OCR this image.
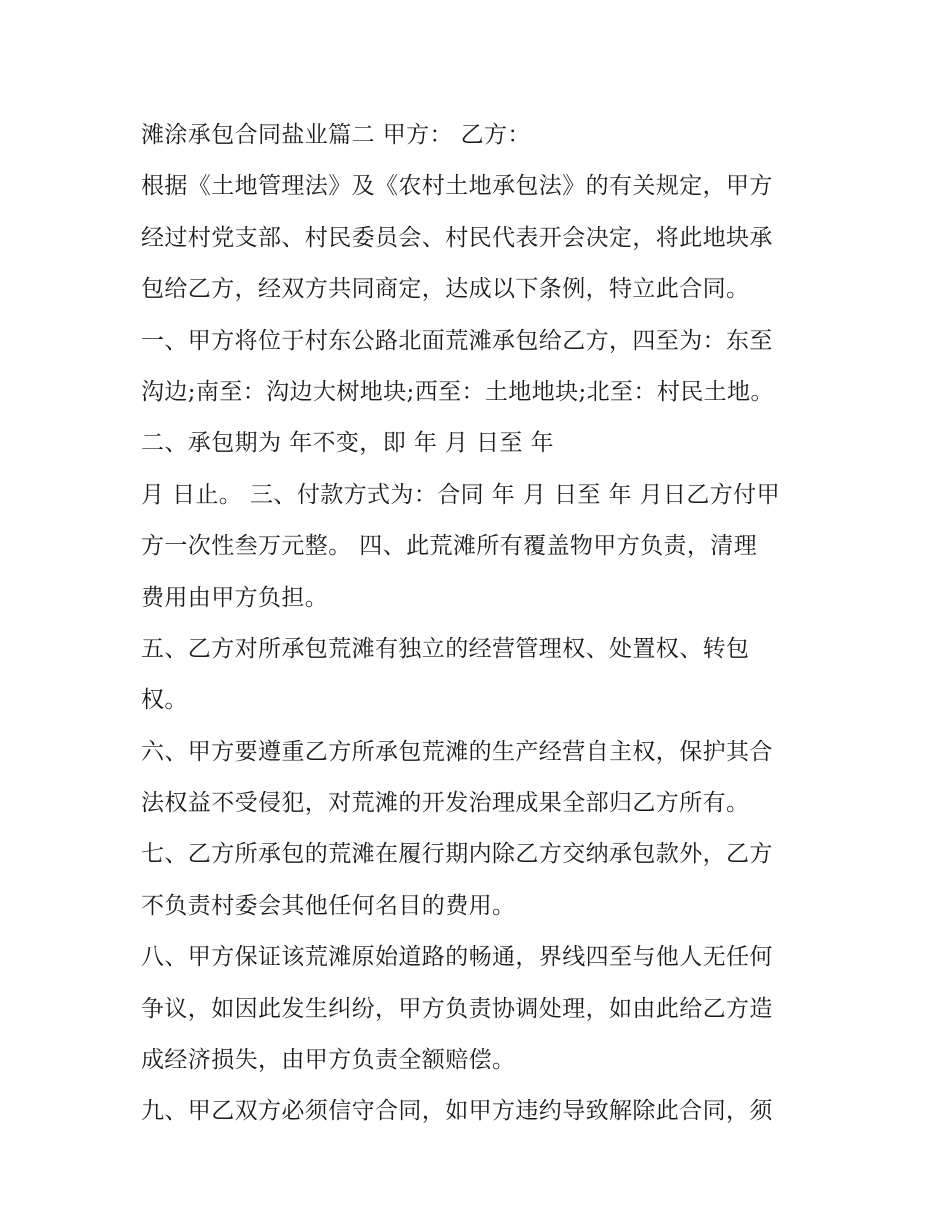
滩涂承包合同盐业篇二 甲方： 乙方：
根据《土地管理法》及《农村土地承包法》的有关规定，甲方
经过村党支部、村民委员会、村民代表开会决定，将此地块承
包给乙方，经双方共同商定，达成以下条例，特立此合同。
一、甲方将位于村东公路北面荒滩承包给乙方，四至为：东至
沟边;南至：沟边大树地块;西至：土地地块;北至：村民土地。
二、承包期为 年不变，即 年 月 日至 年
月 日止。 三、付款方式为：合同 年 月 日至 年 月日乙方付甲
方一次性叁万元整。 四、此荒滩所有覆盖物甲方负责，清理
费用由甲方负担。
五、乙方对所承包荒滩有独立的经营管理权、处置权、转包
权。
六、甲方要遵重乙方所承包荒滩的生产经营自主权，保护其合
法权益不受侵犯，对荒滩的开发治理成果全部归乙方所有。
七、乙方所承包的荒滩在履行期内除乙方交纳承包款外，乙方
不负责村委会其他任何名目的费用。
八、甲方保证该荒滩原始道路的畅通，界线四至与他人无任何
争议，如因此发生纠纷，甲方负责协调处理，如由此给乙方造
成经济损失，由甲方负责全额赔偿。
九、甲乙双方必须信守合同，如甲方违约导致解除此合同，须
